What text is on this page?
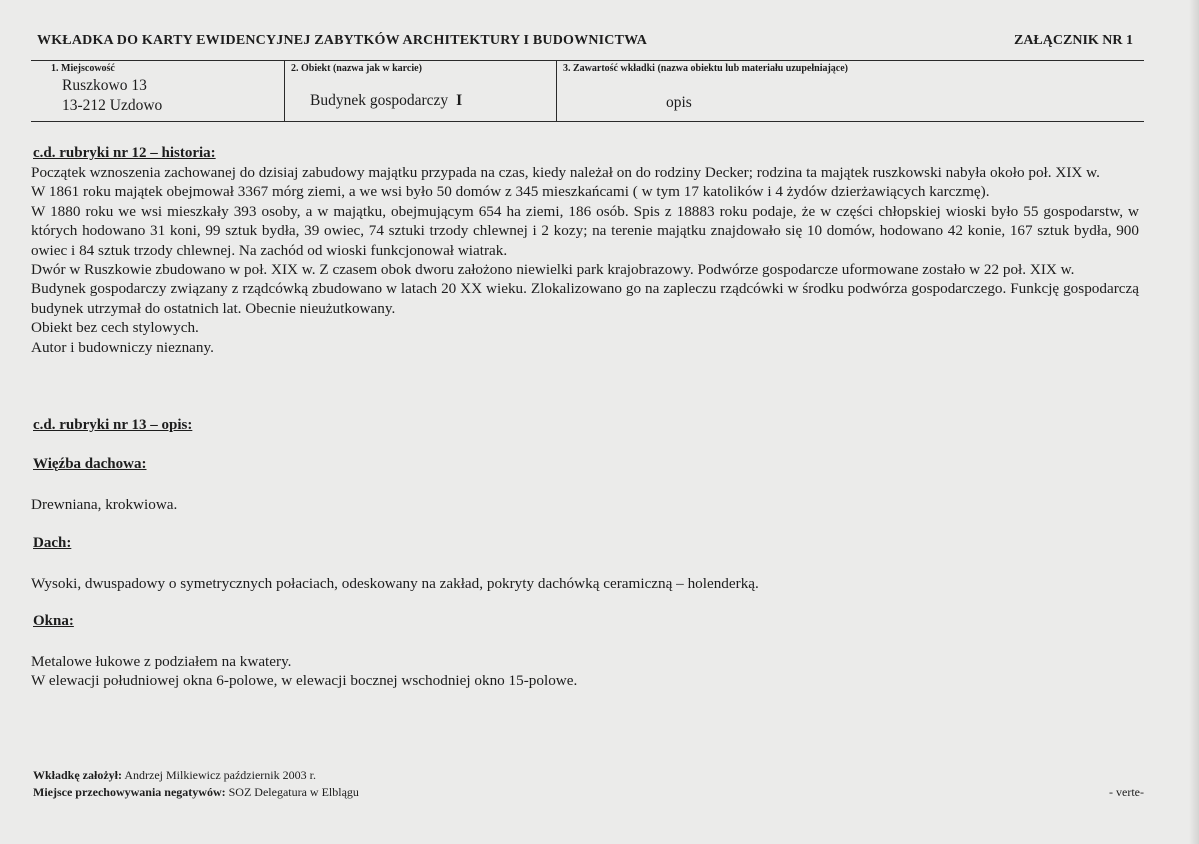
WKŁADKA DO KARTY EWIDENCYJNEJ ZABYTKÓW ARCHITEKTURY I BUDOWNICTWA	ZAŁĄCZNIK NR 1
1. Miejscowość
Ruszkowo 13
13-212 Uzdowo
2. Obiekt (nazwa jak w karcie)
Budynek gospodarczy I
3. Zawartość wkładki (nazwa obiektu lub materiału uzupełniające)
opis
c.d. rubryki nr 12 – historia:

Początek wznoszenia zachowanej do dzisiaj zabudowy majątku przypada na czas, kiedy należał on do rodziny Decker; rodzina ta majątek ruszkowski nabyła około poł. XIX w.

W 1861 roku majątek obejmował 3367 mórg ziemi, a we wsi było 50 domów z 345 mieszkańcami ( w tym 17 katolików i 4 żydów dzierżawiących karczmę).

W 1880 roku we wsi mieszkały 393 osoby, a w majątku, obejmującym 654 ha ziemi, 186 osób. Spis z 18883 roku podaje, że w części chłopskiej wioski było 55 gospodarstw, w których hodowano 31 koni, 99 sztuk bydła, 39 owiec, 74 sztuki trzody chlewnej i 2 kozy; na terenie majątku znajdowało się 10 domów, hodowano 42 konie, 167 sztuk bydła, 900 owiec i 84 sztuk trzody chlewnej. Na zachód od wioski funkcjonował wiatrak.

Dwór w Ruszkowie zbudowano w poł. XIX w. Z czasem obok dworu założono niewielki park krajobrazowy. Podwórze gospodarcze uformowane zostało w 22 poł. XIX w.

Budynek gospodarczy związany z rządcówką zbudowano w latach 20 XX wieku. Zlokalizowano go na zapleczu rządcówki w środku podwórza gospodarczego. Funkcję gospodarczą budynek utrzymał do ostatnich lat. Obecnie nieużutkowany.

Obiekt bez cech stylowych.

Autor i budowniczy nieznany.

c.d. rubryki nr 13 – opis:
Więźba dachowa:

Drewniana, krokwiowa.

Dach:

Wysoki, dwuspadowy o symetrycznych połaciach, odeskowany na zakład, pokryty dachówką ceramiczną – holenderką.

Okna:

Metalowe łukowe z podziałem na kwatery.

W elewacji południowej okna 6-polowe, w elewacji bocznej wschodniej okno 15-polowe.

Wkładkę założył: Andrzej Milkiewicz październik 2003 r.
Miejsce przechowywania negatywów: SOZ Delegatura w Elblągu	- verte-
